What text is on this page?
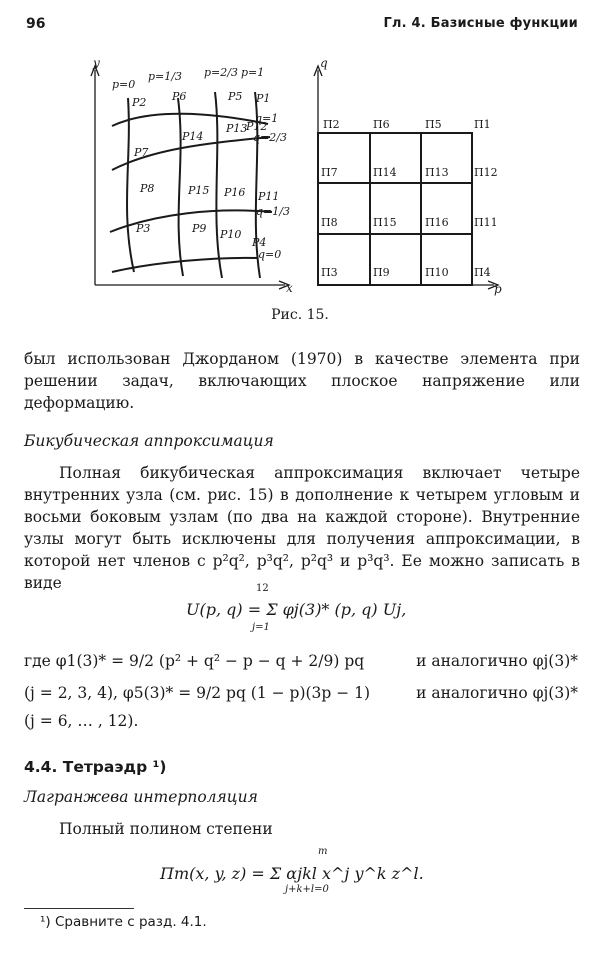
96	Гл. 4. Базисные функции
y
x
p=0
p=1/3 p=2/3 p=1
q=1
q=2/3
q=1/3
q=0
P2 P6	P5 P1
P14
P13
P12
P7
P8	P15 P16 P11
P3	P9 P10
P4
q
p
П2	П6	П5	П1
П7	П14	П13 П12
П8	П15	П16 П11
П3	П9	П10 П4
Рис. 15.

был использован Джорданом (1970) в качестве элемента при решении задач, включающих плоское напряжение или деформацию.

Бикубическая аппроксимация

Полная бикубическая аппроксимация включает четыре внутренних узла (см. рис. 15) в дополнение к четырем угловым и восьми боковым узлам (по два на каждой стороне). Внутренние узлы могут быть исключены для получения аппроксимации, в которой нет членов с p²q², p³q², p²q³ и p³q³. Ее можно записать в виде

U(p, q) = Σ φj(3)* (p, q) Uj,
12
j=1
где φ1(3)* = 9/2 (p² + q² − p − q + 2/9) pq	и аналогично φj(3)*
(j = 2, 3, 4), φ5(3)* = 9/2 pq (1 − p)(3p − 1)	и аналогично φj(3)*
(j = 6, … , 12).
4.4. Тетраэдр ¹)
Лагранжева интерполяция

Полный полином степени

Πm(x, y, z) = Σ αjkl x^j y^k z^l.
m
j+k+l=0
¹) Сравните с разд. 4.1.
